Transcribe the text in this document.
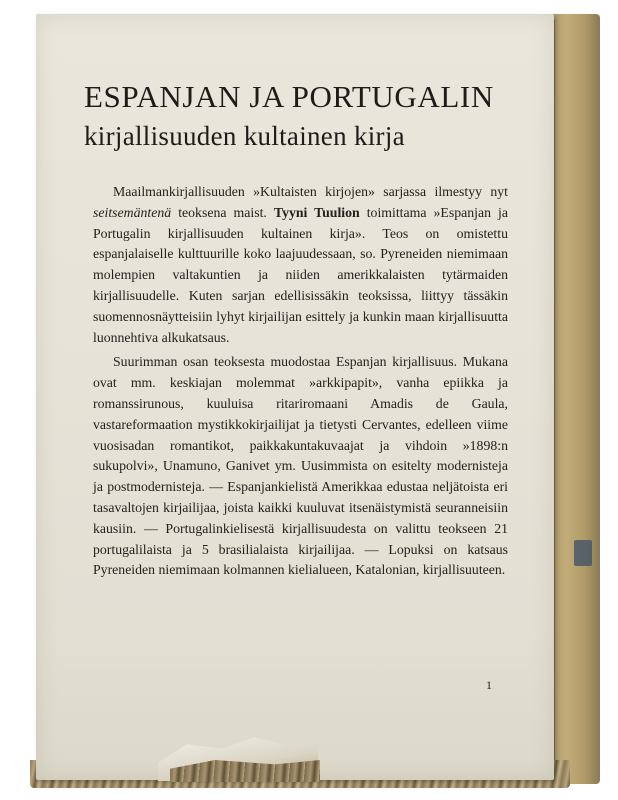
ESPANJAN JA PORTUGALIN
kirjallisuuden kultainen kirja

Maailmankirjallisuuden »Kultaisten kirjojen» sarjassa ilmestyy nyt seitsemäntenä teoksena maist. Tyyni Tuulion toimittama »Espanjan ja Portugalin kirjallisuuden kultainen kirja». Teos on omistettu espanjalaiselle kulttuurille koko laajuudessaan, so. Pyreneiden niemimaan molempien valtakuntien ja niiden amerikkalaisten tytärmaiden kirjallisuudelle. Kuten sarjan edellisissäkin teoksissa, liittyy tässäkin suomennosnäytteisiin lyhyt kirjailijan esittely ja kunkin maan kirjallisuutta luonnehtiva alkukatsaus.

Suurimman osan teoksesta muodostaa Espanjan kirjallisuus. Mukana ovat mm. keskiajan molemmat »arkkipapit», vanha epiikka ja romanssirunous, kuuluisa ritariromaani Amadis de Gaula, vastareformaation mystikkokirjailijat ja tietysti Cervantes, edelleen viime vuosisadan romantikot, paikkakuntakuvaajat ja vihdoin »1898:n sukupolvi», Unamuno, Ganivet ym. Uusimmista on esitelty modernisteja ja postmodernisteja. — Espanjankielistä Amerikkaa edustaa neljätoista eri tasavaltojen kirjailijaa, joista kaikki kuuluvat itsenäistymistä seuranneisiin kausiin. — Portugalinkielisestä kirjallisuudesta on valittu teokseen 21 portugalilaista ja 5 brasilialaista kirjailijaa. — Lopuksi on katsaus Pyreneiden niemimaan kolmannen kielialueen, Katalonian, kirjallisuuteen.

1
